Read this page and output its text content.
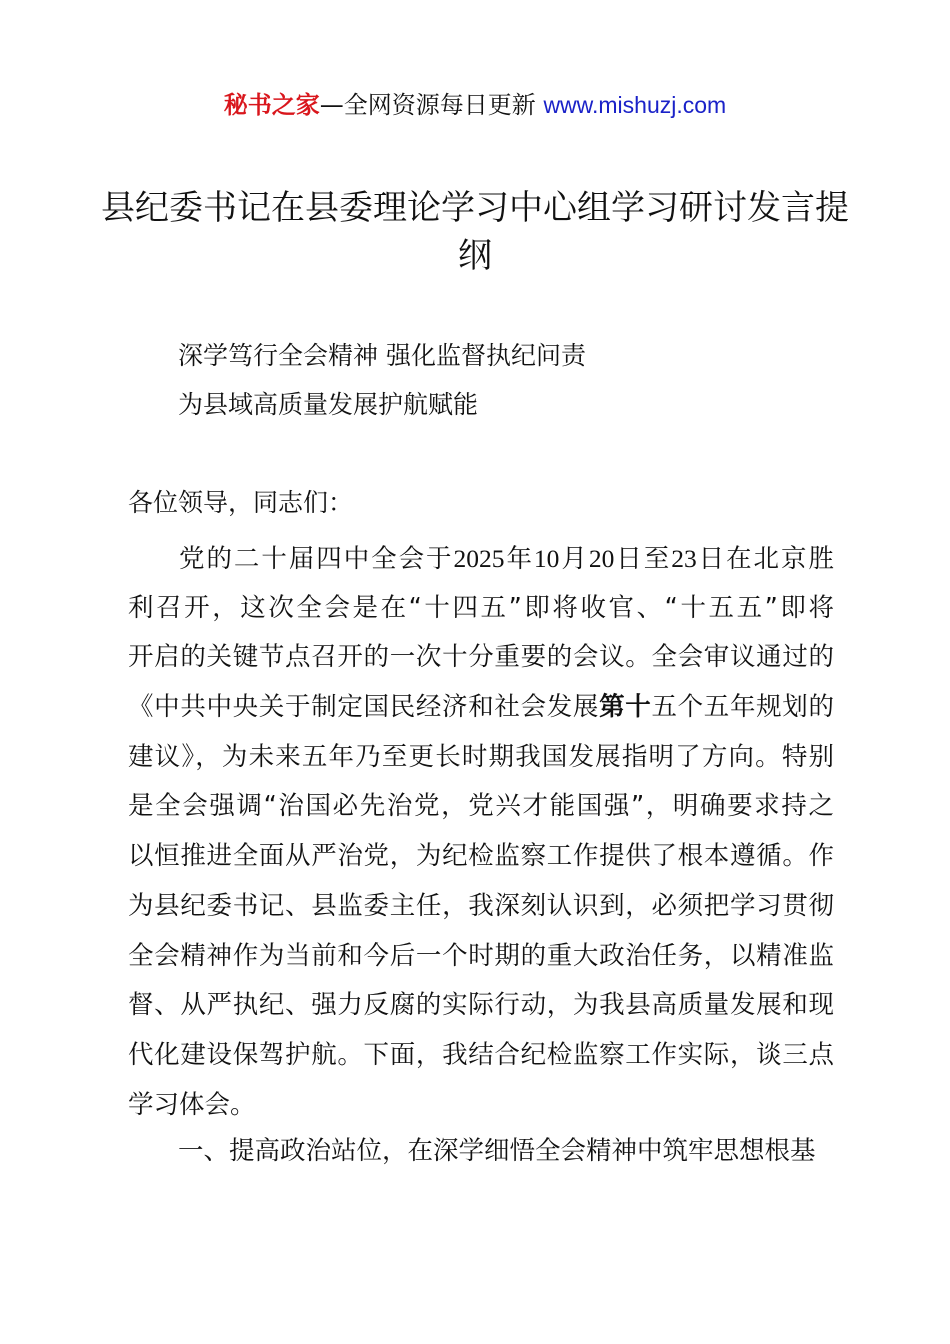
秘书之家—全网资源每日更新 www.mishuzj.com
县纪委书记在县委理论学习中心组学习研讨发言提纲
深学笃行全会精神 强化监督执纪问责
为县域高质量发展护航赋能
各位领导，同志们：
党的二十届四中全会于2025年10月20日至23日在北京胜
利召开，这次全会是在“十四五”即将收官、“十五五”即将
开启的关键节点召开的一次十分重要的会议。全会审议通过的
《中共中央关于制定国民经济和社会发展第十五个五年规划的
建议》，为未来五年乃至更长时期我国发展指明了方向。特别
是全会强调“治国必先治党，党兴才能国强”，明确要求持之
以恒推进全面从严治党，为纪检监察工作提供了根本遵循。作
为县纪委书记、县监委主任，我深刻认识到，必须把学习贯彻
全会精神作为当前和今后一个时期的重大政治任务，以精准监
督、从严执纪、强力反腐的实际行动，为我县高质量发展和现
代化建设保驾护航。下面，我结合纪检监察工作实际，谈三点
学习体会。
一、提高政治站位，在深学细悟全会精神中筑牢思想根基
